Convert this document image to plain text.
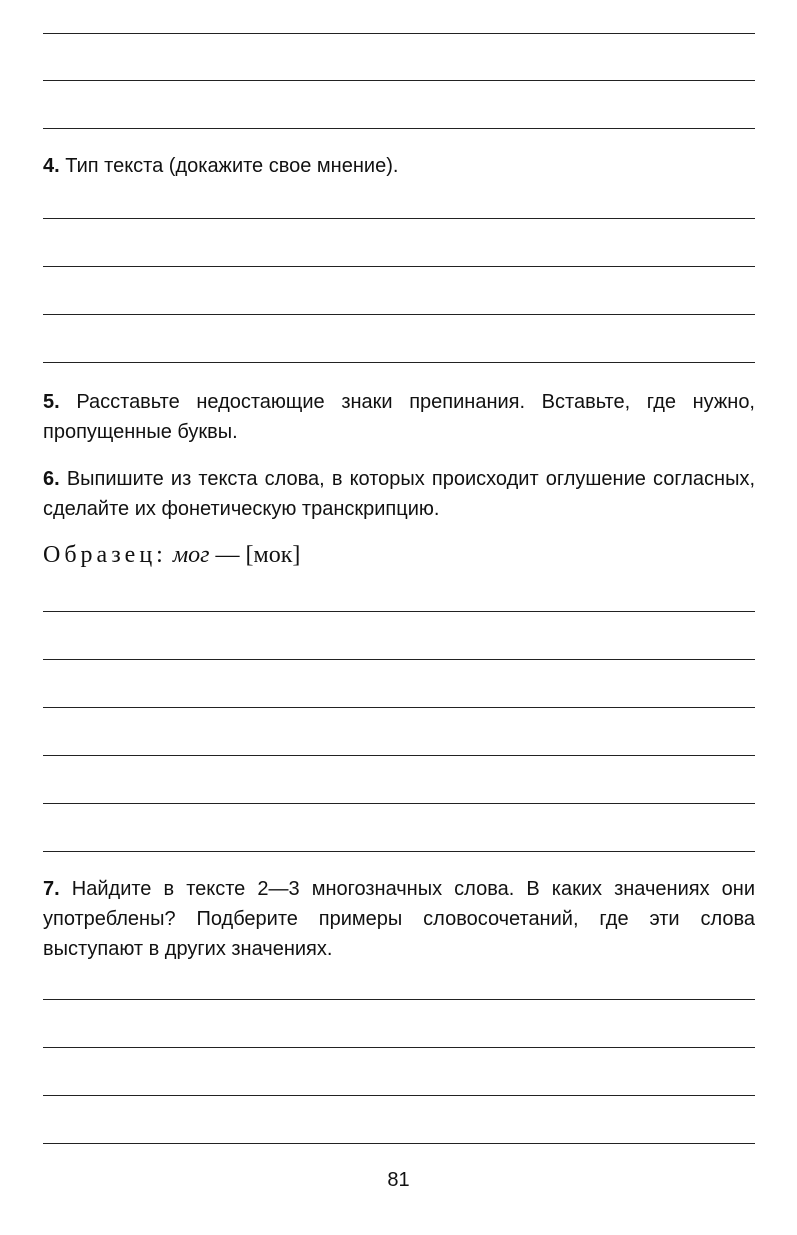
4. Тип текста (докажите свое мнение).

5. Расставьте недостающие знаки препинания. Вставьте, где нужно, пропущенные буквы.

6. Выпишите из текста слова, в которых происходит оглушение согласных, сделайте их фонетическую транскрипцию.

Образец: мог — [мок]

7. Найдите в тексте 2—3 многозначных слова. В каких значениях они употреблены? Подберите примеры словосочетаний, где эти слова выступают в других значениях.

81
